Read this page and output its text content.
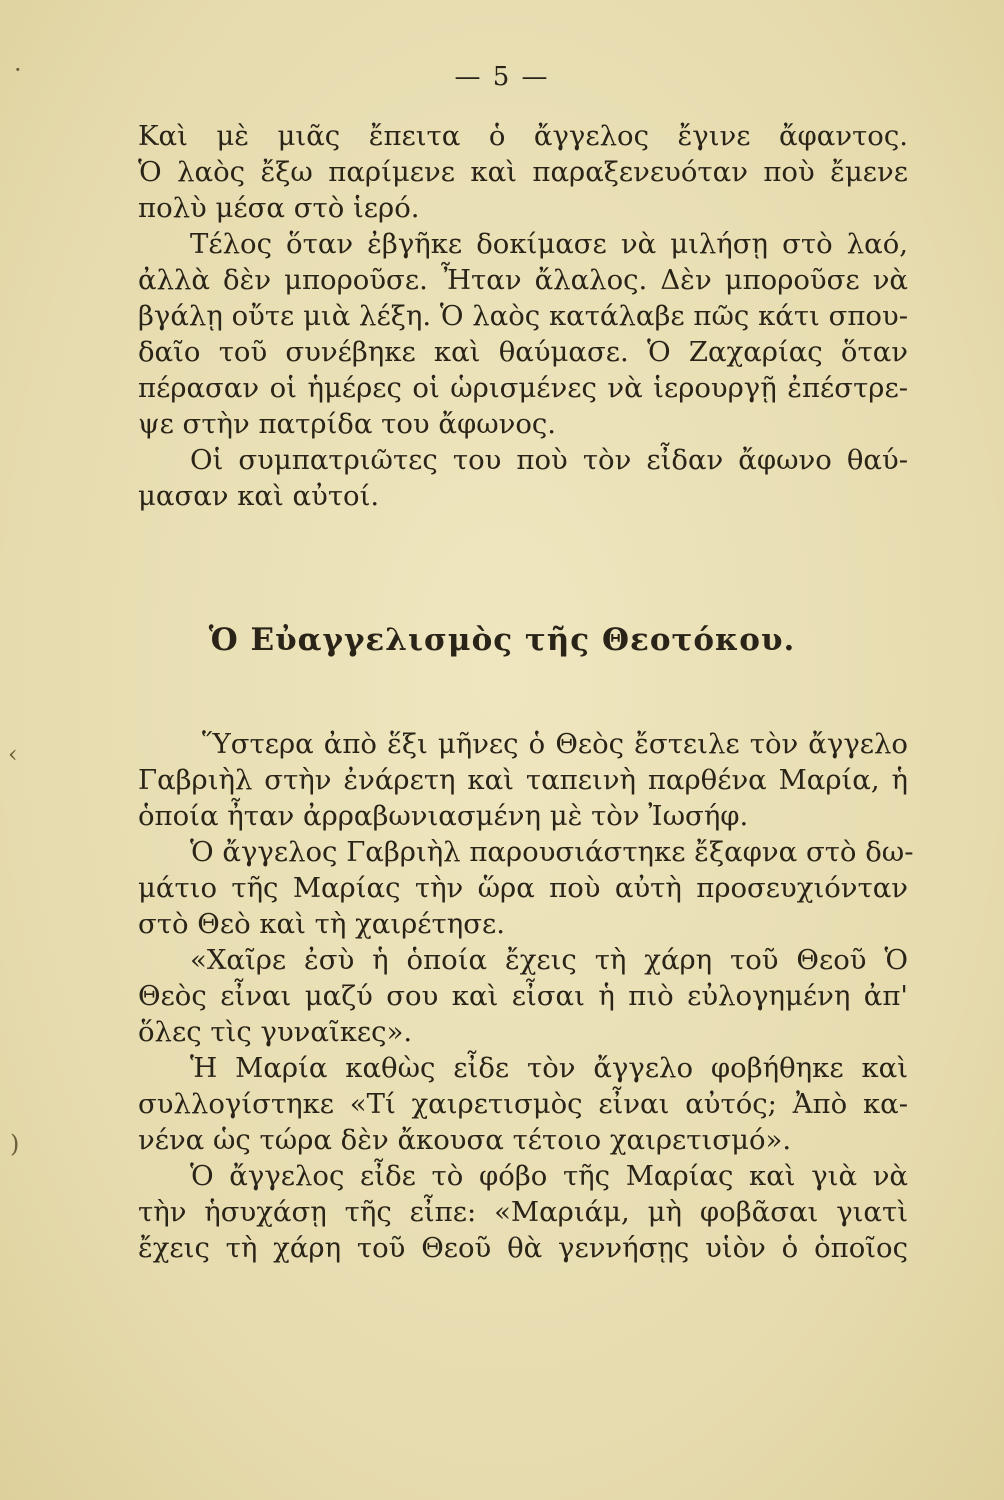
— 5 —
Καὶ μὲ μιᾶς ἔπειτα ὁ ἄγγελος ἔγινε ἄφαντος.
Ὁ λαὸς ἔξω παρίμενε καὶ παραξενευόταν ποὺ ἔμενε
πολὺ μέσα στὸ ἱερό.
Τέλος ὅταν ἐβγῆκε δοκίμασε νὰ μιλήσῃ στὸ λαό,
ἀλλὰ δὲν μποροῦσε. Ἦταν ἄλαλος. Δὲν μποροῦσε νὰ
βγάλῃ οὔτε μιὰ λέξη. Ὁ λαὸς κατάλαβε πῶς κάτι σπου-
δαῖο τοῦ συνέβηκε καὶ θαύμασε. Ὁ Ζαχαρίας ὅταν
πέρασαν οἱ ἡμέρες οἱ ὡρισμένες νὰ ἱερουργῇ ἐπέστρε-
ψε στὴν πατρίδα του ἄφωνος.
Οἱ συμπατριῶτες του ποὺ τὸν εἶδαν ἄφωνο θαύ-
μασαν καὶ αὐτοί.
Ὁ Εὐαγγελισμὸς τῆς Θεοτόκου.
Ὕστερα ἀπὸ ἕξι μῆνες ὁ Θεὸς ἔστειλε τὸν ἄγγελο
Γαβριὴλ στὴν ἐνάρετη καὶ ταπεινὴ παρθένα Μαρία, ἡ
ὁποία ἦταν ἀρραβωνιασμένη μὲ τὸν Ἰωσήφ.
Ὁ ἄγγελος Γαβριὴλ παρουσιάστηκε ἔξαφνα στὸ δω-
μάτιο τῆς Μαρίας τὴν ὥρα ποὺ αὐτὴ προσευχιόνταν
στὸ Θεὸ καὶ τὴ χαιρέτησε.
«Χαῖρε ἐσὺ ἡ ὁποία ἔχεις τὴ χάρη τοῦ Θεοῦ Ὁ
Θεὸς εἶναι μαζύ σου καὶ εἶσαι ἡ πιὸ εὐλογημένη ἀπ'
ὅλες τὶς γυναῖκες».
Ἡ Μαρία καθὼς εἶδε τὸν ἄγγελο φοβήθηκε καὶ
συλλογίστηκε «Τί χαιρετισμὸς εἶναι αὐτός; Ἀπὸ κα-
νένα ὡς τώρα δὲν ἄκουσα τέτοιο χαιρετισμό».
Ὁ ἄγγελος εἶδε τὸ φόβο τῆς Μαρίας καὶ γιὰ νὰ
τὴν ἡσυχάσῃ τῆς εἶπε: «Μαριάμ, μὴ φοβᾶσαι γιατὶ
ἔχεις τὴ χάρη τοῦ Θεοῦ θὰ γεννήσῃς υἱὸν ὁ ὁποῖος
·
‹
)
